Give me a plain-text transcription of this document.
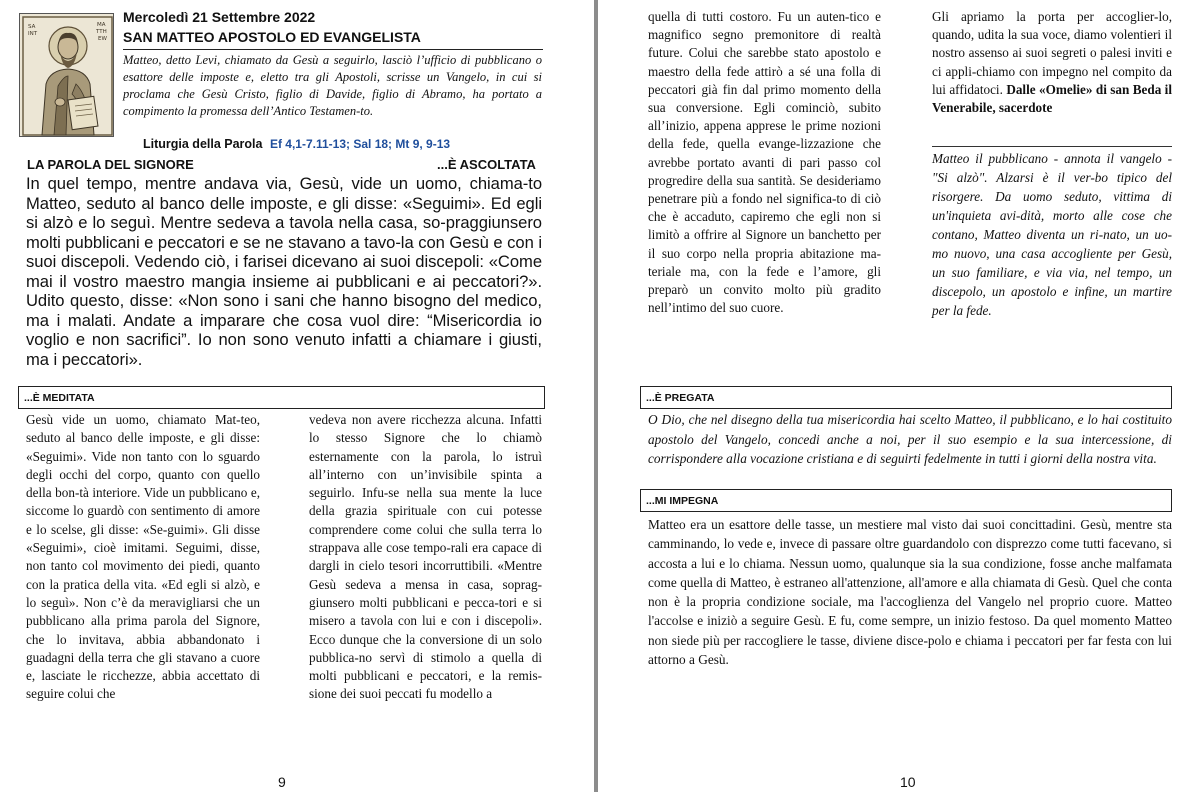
SA
INT
MA
TTH
EW
Mercoledì 21 Settembre 2022
SAN MATTEO APOSTOLO ED EVANGELISTA
Matteo, detto Levi, chiamato da Gesù a seguirlo, lasciò l’ufficio di pubblicano o esattore delle imposte e, eletto tra gli Apostoli, scrisse un Vangelo, in cui si proclama che Gesù Cristo, figlio di Davide, figlio di Abramo, ha portato a compimento la promessa dell’Antico Testamen-to.
Liturgia della Parola Ef 4,1-7.11-13; Sal 18; Mt 9, 9-13
LA PAROLA DEL SIGNORE	...È ASCOLTATA
In quel tempo, mentre andava via, Gesù, vide un uomo, chiama-to Matteo, seduto al banco delle imposte, e gli disse: «Seguimi». Ed egli si alzò e lo seguì. Mentre sedeva a tavola nella casa, so-praggiunsero molti pubblicani e peccatori e se ne stavano a tavo-la con Gesù e con i suoi discepoli. Vedendo ciò, i farisei dicevano ai suoi discepoli: «Come mai il vostro maestro mangia insieme ai pubblicani e ai peccatori?». Udito questo, disse: «Non sono i sani che hanno bisogno del medico, ma i malati. Andate a imparare che cosa vuol dire: “Misericordia io voglio e non sacrifici”. Io non sono venuto infatti a chiamare i giusti, ma i peccatori».
...È MEDITATA
Gesù vide un uomo, chiamato Mat-teo, seduto al banco delle imposte, e gli disse: «Seguimi». Vide non tanto con lo sguardo degli occhi del corpo, quanto con quello della bon-tà interiore. Vide un pubblicano e, siccome lo guardò con sentimento di amore e lo scelse, gli disse: «Se-guimi». Gli disse «Seguimi», cioè imitami. Seguimi, disse, non tanto col movimento dei piedi, quanto con la pratica della vita. «Ed egli si alzò, e lo seguì». Non c’è da meravigliarsi che un pubblicano alla prima parola del Signore, che lo invitava, abbia abbandonato i guadagni della terra che gli stavano a cuore e, lasciate le ricchezze, abbia accettato di seguire colui che
vedeva non avere ricchezza alcuna. Infatti lo stesso Signore che lo chiamò esternamente con la parola, lo istruì all’interno con un’invisibile spinta a seguirlo. Infu-se nella sua mente la luce della grazia spirituale con cui potesse comprendere come colui che sulla terra lo strappava alle cose tempo-rali era capace di dargli in cielo tesori incorruttibili. «Mentre Gesù sedeva a mensa in casa, soprag-giunsero molti pubblicani e pecca-tori e si misero a tavola con lui e con i discepoli». Ecco dunque che la conversione di un solo pubblica-no servì di stimolo a quella di molti pubblicani e peccatori, e la remis-sione dei suoi peccati fu modello a
9
quella di tutti costoro. Fu un auten-tico e magnifico segno premonitore di realtà future. Colui che sarebbe stato apostolo e maestro della fede attirò a sé una folla di peccatori già fin dal primo momento della sua conversione. Egli cominciò, subito all’inizio, appena apprese le prime nozioni della fede, quella evange-lizzazione che avrebbe portato avanti di pari passo col progredire della sua santità. Se desideriamo penetrare più a fondo nel significa-to di ciò che è accaduto, capiremo che egli non si limitò a offrire al Signore un banchetto per il suo corpo nella propria abitazione ma-teriale ma, con la fede e l’amore, gli preparò un convito molto più gradito nell’intimo del suo cuore.
Gli apriamo la porta per accoglier-lo, quando, udita la sua voce, diamo volentieri il nostro assenso ai suoi segreti o palesi inviti e ci appli-chiamo con impegno nel compito da lui affidatoci. Dalle «Omelie» di san Beda il Venerabile, sacerdote
Matteo il pubblicano - annota il vangelo - "Si alzò". Alzarsi è il ver-bo tipico del risorgere. Da uomo seduto, vittima di un'inquieta avi-dità, morto alle cose che contano, Matteo diventa un ri-nato, un uo-mo nuovo, una casa accogliente per Gesù, un suo familiare, e via via, nel tempo, un discepolo, un apostolo e infine, un martire per la fede.
...È PREGATA
O Dio, che nel disegno della tua misericordia hai scelto Matteo, il pubblicano, e lo hai costituito apostolo del Vangelo, concedi anche a noi, per il suo esempio e la sua intercessione, di corrispondere alla vocazione cristiana e di seguirti fedelmente in tutti i giorni della nostra vita.
...MI IMPEGNA
Matteo era un esattore delle tasse, un mestiere mal visto dai suoi concittadini. Gesù, mentre sta camminando, lo vede e, invece di passare oltre guardandolo con disprezzo come tutti facevano, si accosta a lui e lo chiama. Nessun uomo, qualunque sia la sua condizione, fosse anche malfamata come quella di Matteo, è estraneo all'attenzione, all'amore e alla chiamata di Gesù. Quel che conta non è la propria condizione sociale, ma l'accoglienza del Vangelo nel proprio cuore. Matteo l'accolse e iniziò a seguire Gesù. E fu, come sempre, un inizio festoso. Da quel momento Matteo non siede più per raccogliere le tasse, diviene disce-polo e chiama i peccatori per far festa con lui attorno a Gesù.
10
